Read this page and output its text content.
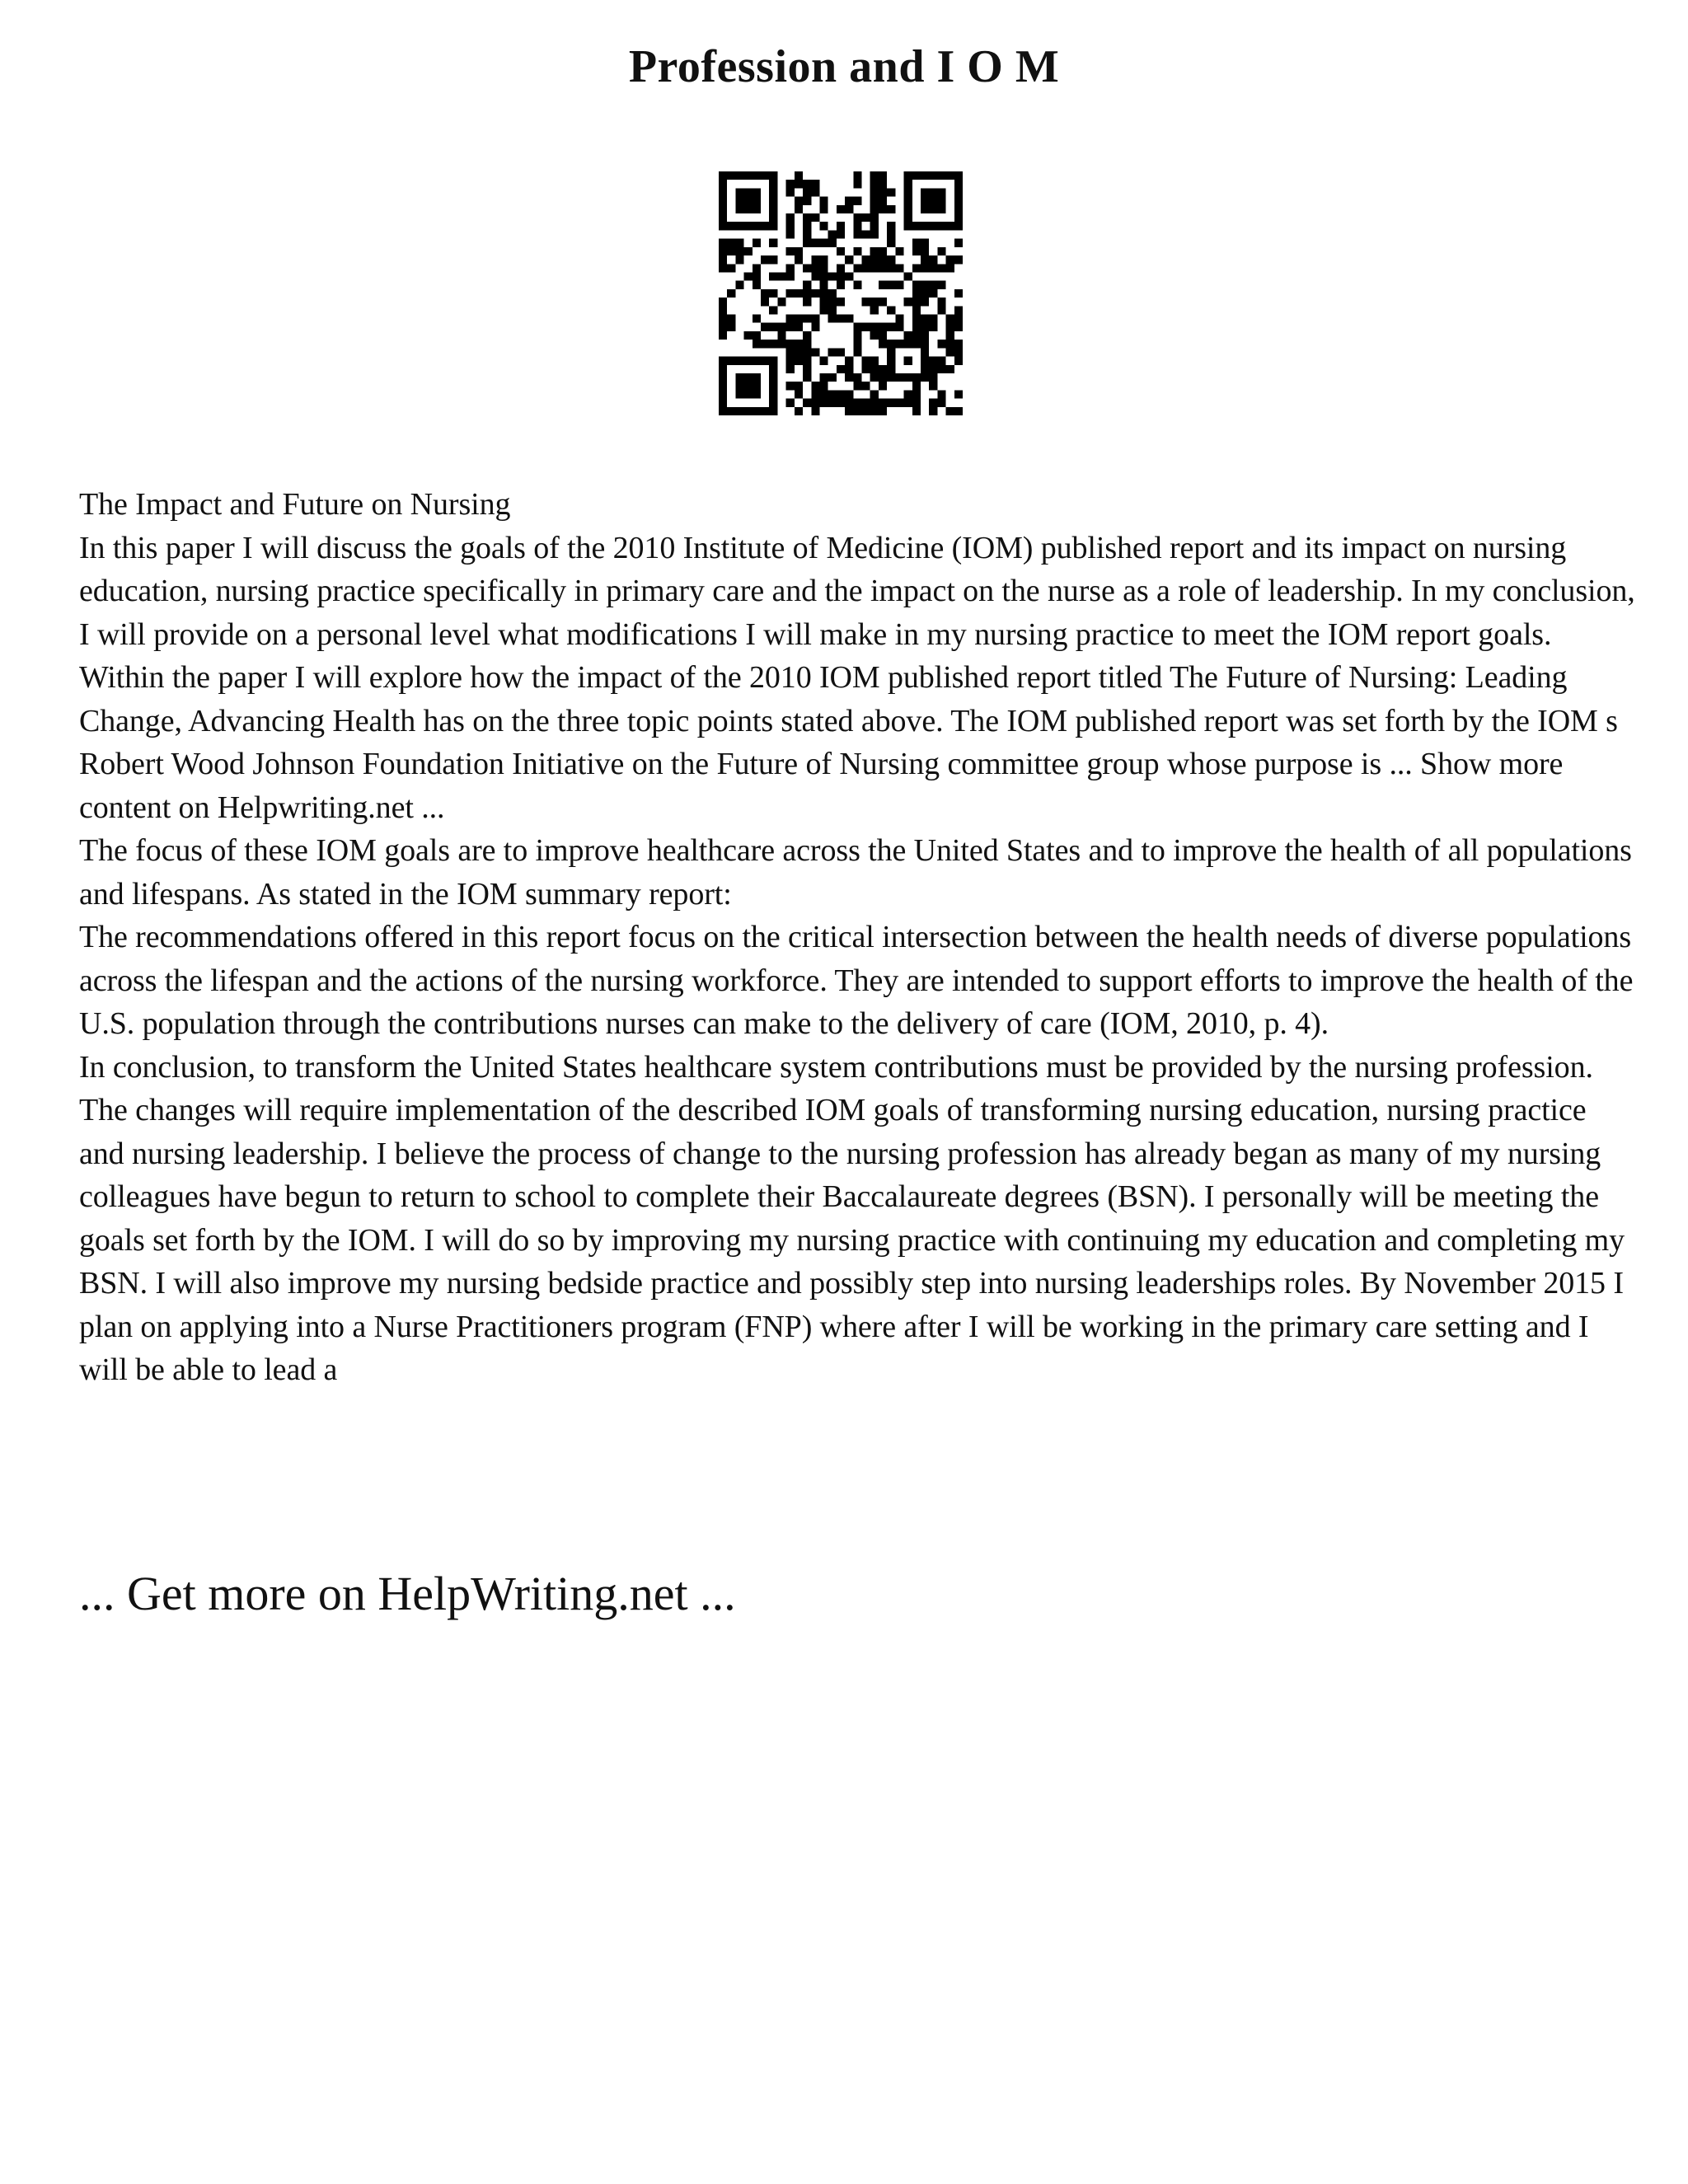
Profession and I O M

The Impact and Future on Nursing

In this paper I will discuss the goals of the 2010 Institute of Medicine (IOM) published report and its impact on nursing education, nursing practice specifically in primary care and the impact on the nurse as a role of leadership. In my conclusion, I will provide on a personal level what modifications I will make in my nursing practice to meet the IOM report goals. Within the paper I will explore how the impact of the 2010 IOM published report titled The Future of Nursing: Leading Change, Advancing Health has on the three topic points stated above. The IOM published report was set forth by the IOM s Robert Wood Johnson Foundation Initiative on the Future of Nursing committee group whose purpose is ... Show more content on Helpwriting.net ...

The focus of these IOM goals are to improve healthcare across the United States and to improve the health of all populations and lifespans. As stated in the IOM summary report:

The recommendations offered in this report focus on the critical intersection between the health needs of diverse populations across the lifespan and the actions of the nursing workforce. They are intended to support efforts to improve the health of the U.S. population through the contributions nurses can make to the delivery of care (IOM, 2010, p. 4).

In conclusion, to transform the United States healthcare system contributions must be provided by the nursing profession. The changes will require implementation of the described IOM goals of transforming nursing education, nursing practice and nursing leadership. I believe the process of change to the nursing profession has already began as many of my nursing colleagues have begun to return to school to complete their Baccalaureate degrees (BSN). I personally will be meeting the goals set forth by the IOM. I will do so by improving my nursing practice with continuing my education and completing my BSN. I will also improve my nursing bedside practice and possibly step into nursing leaderships roles. By November 2015 I plan on applying into a Nurse Practitioners program (FNP) where after I will be working in the primary care setting and I will be able to lead a

... Get more on HelpWriting.net ...
